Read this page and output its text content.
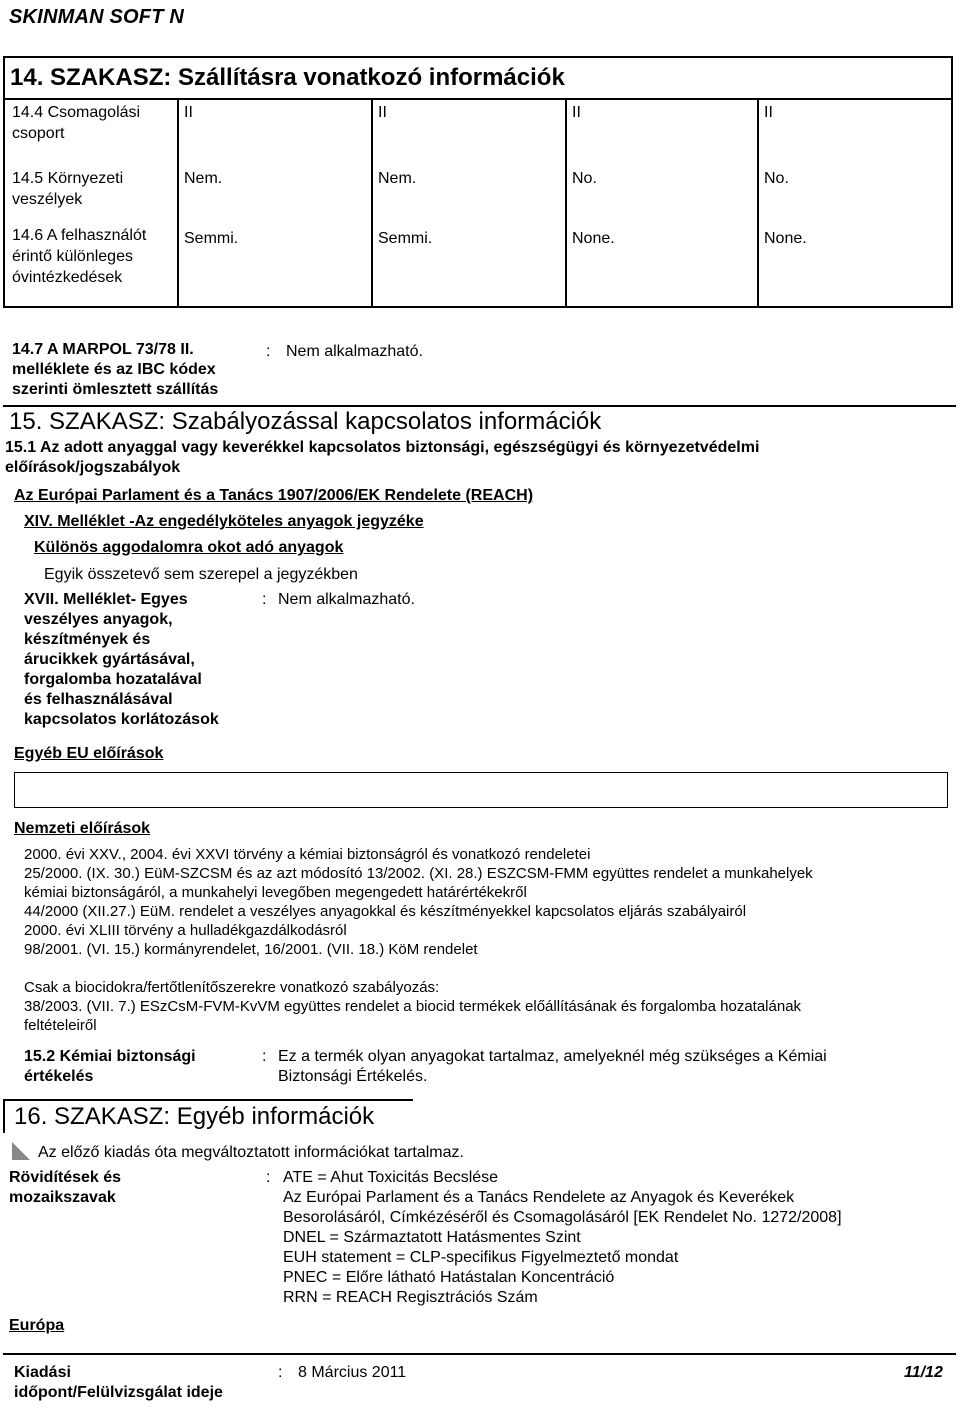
SKINMAN SOFT N
14. SZAKASZ: Szállításra vonatkozó információk
14.4 Csomagolási
csoport
II	II	II	II
14.5 Környezeti
veszélyek
Nem.	Nem.	No.	No.
14.6 A felhasználót
érintő különleges
óvintézkedések
Semmi.	Semmi.	None.	None.
14.7 A MARPOL 73/78 II.
melléklete és az IBC kódex
szerinti ömlesztett szállítás
: Nem alkalmazható.
15. SZAKASZ: Szabályozással kapcsolatos információk
15.1 Az adott anyaggal vagy keverékkel kapcsolatos biztonsági, egészségügyi és környezetvédelmi
előírások/jogszabályok
Az Európai Parlament és a Tanács 1907/2006/EK Rendelete (REACH)
XIV. Melléklet -Az engedélyköteles anyagok jegyzéke
Különös aggodalomra okot adó anyagok
Egyik összetevő sem szerepel a jegyzékben
XVII. Melléklet- Egyes
veszélyes anyagok,
készítmények és
árucikkek gyártásával,
forgalomba hozatalával
és felhasználásával
kapcsolatos korlátozások
: Nem alkalmazható.
Egyéb EU előírások
Nemzeti előírások
2000. évi XXV., 2004. évi XXVI törvény a kémiai biztonságról és vonatkozó rendeletei
25/2000. (IX. 30.) EüM-SZCSM és az azt módosító 13/2002. (XI. 28.) ESZCSM-FMM együttes rendelet a munkahelyek
kémiai biztonságáról, a munkahelyi levegőben megengedett határértékekről
44/2000 (XII.27.) EüM. rendelet a veszélyes anyagokkal és készítményekkel kapcsolatos eljárás szabályairól
2000. évi XLIII törvény a hulladékgazdálkodásról
98/2001. (VI. 15.) kormányrendelet, 16/2001. (VII. 18.) KöM rendelet
Csak a biocidokra/fertőtlenítőszerekre vonatkozó szabályozás:
38/2003. (VII. 7.) ESzCsM-FVM-KvVM együttes rendelet a biocid termékek előállításának és forgalomba hozatalának
feltételeiről
15.2 Kémiai biztonsági
értékelés
: Ez a termék olyan anyagokat tartalmaz, amelyeknél még szükséges a Kémiai
Biztonsági Értékelés.
16. SZAKASZ: Egyéb információk
Az előző kiadás óta megváltoztatott információkat tartalmaz.
Rövidítések és
mozaikszavak
: ATE = Ahut Toxicitás Becslése
Az Európai Parlament és a Tanács Rendelete az Anyagok és Keverékek
Besorolásáról, Címkézéséről és Csomagolásáról [EK Rendelet No. 1272/2008]
DNEL = Származtatott Hatásmentes Szint
EUH statement = CLP-specifikus Figyelmeztető mondat
PNEC = Előre látható Hatástalan Koncentráció
RRN = REACH Regisztrációs Szám
Európa
Kiadási
időpont/Felülvizsgálat ideje
: 8 Március 2011	11/12
